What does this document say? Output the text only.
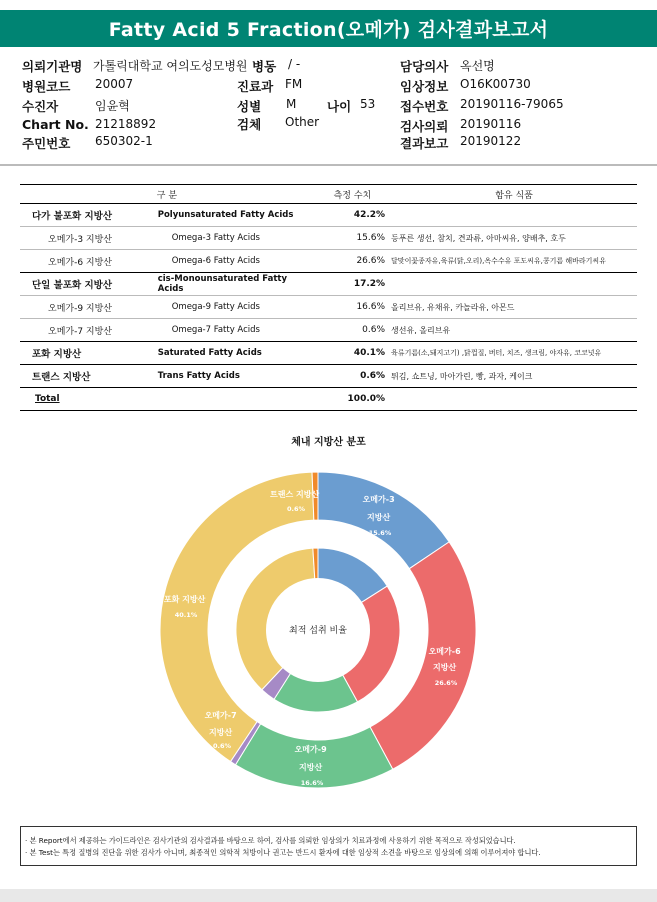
Fatty Acid 5 Fraction(오메가) 검사결과보고서
의뢰기관명 가톨릭대학교 여의도성모병원 병동 / -	담당의사 옥선명
병원코드 20007	진료과 FM	임상정보 O16K00730
수진자	임윤혁	성별 M 나이 53 접수번호 20190116-79065
Chart No. 21218892	검체 Other	검사의뢰 20190116
주민번호 650302-1	결과보고 20190122
구 분		측정 수치	함유 식품
다가 불포화 지방산	Polyunsaturated Fatty Acids	42.2%	
오메가-3 지방산	Omega-3 Fatty Acids	15.6%	등푸른 생선, 참치, 견과류, 아마씨유, 양배추, 호두
오메가-6 지방산	Omega-6 Fatty Acids	26.6%	달맞이꽃종자유,육류(닭,오리),옥수수유 포도씨유,콩기름 해바라기씨유
단일 불포화 지방산	cis-Monounsaturated Fatty Acids	17.2%	
오메가-9 지방산	Omega-9 Fatty Acids	16.6%	올리브유, 유채유, 카놀라유, 아몬드
오메가-7 지방산	Omega-7 Fatty Acids	0.6%	생선유, 올리브유
포화 지방산	Saturated Fatty Acids	40.1%	육류기름(소,돼지고기) ,닭껍질, 버터, 치즈, 생크림, 야자유, 코코넛유
트랜스 지방산	Trans Fatty Acids	0.6%	튀김, 쇼트닝, 마아가린, 빵, 과자, 케이크
Total		100.0%	
체내 지방산 분포
최적 섭취 비율
오메가-3 지방산 15.6%
오메가-6 지방산 26.6%
오메가-9 지방산 16.6%
오메가-7 지방산 0.6%
포화 지방산 40.1%
트랜스 지방산 0.6%
· 본 Report에서 제공하는 가이드라인은 검사기관의 검사결과를 바탕으로 하여, 검사를 의뢰한 임상의가 치료과정에 사용하기 위한 목적으로 작성되었습니다.
· 본 Test는 특정 질병의 진단을 위한 검사가 아니며, 최종적인 의학적 처방이나 권고는 반드시 환자에 대한 임상적 소견을 바탕으로 임상의에 의해 이루어져야 합니다.
